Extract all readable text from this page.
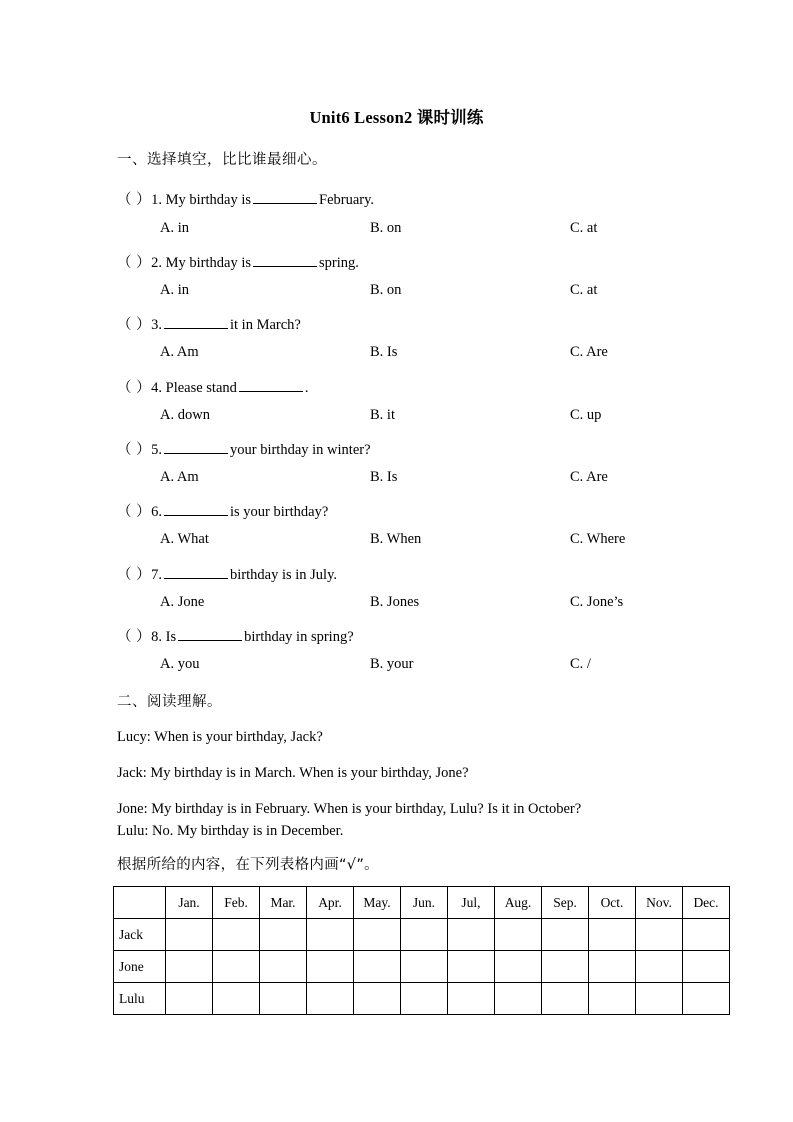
Unit6 Lesson2 课时训练
一、选择填空，比比谁最细心。
（ ）1. My birthday is	February.
A. in	B. on	C. at
（ ）2. My birthday is	spring.
A. in	B. on	C. at
（ ）3.	it in March?
A. Am	B. Is	C. Are
（ ）4. Please stand	.
A. down	B. it	C. up
（ ）5.	your birthday in winter?
A. Am	B. Is	C. Are
（ ）6.	is your birthday?
A. What	B. When	C. Where
（ ）7.	birthday is in July.
A. Jone	B. Jones	C. Jone’s
（ ）8. Is	birthday in spring?
A. you	B. your	C. /
二、阅读理解。
Lucy: When is your birthday, Jack?
Jack: My birthday is in March. When is your birthday, Jone?
Jone: My birthday is in February. When is your birthday, Lulu? Is it in October?
Lulu: No. My birthday is in December.
根据所给的内容，在下列表格内画“√”。
	Jan.	Feb.	Mar.	Apr.	May.	Jun.	Jul,	Aug.	Sep.	Oct.	Nov.	Dec.
Jack												
Jone												
Lulu												
